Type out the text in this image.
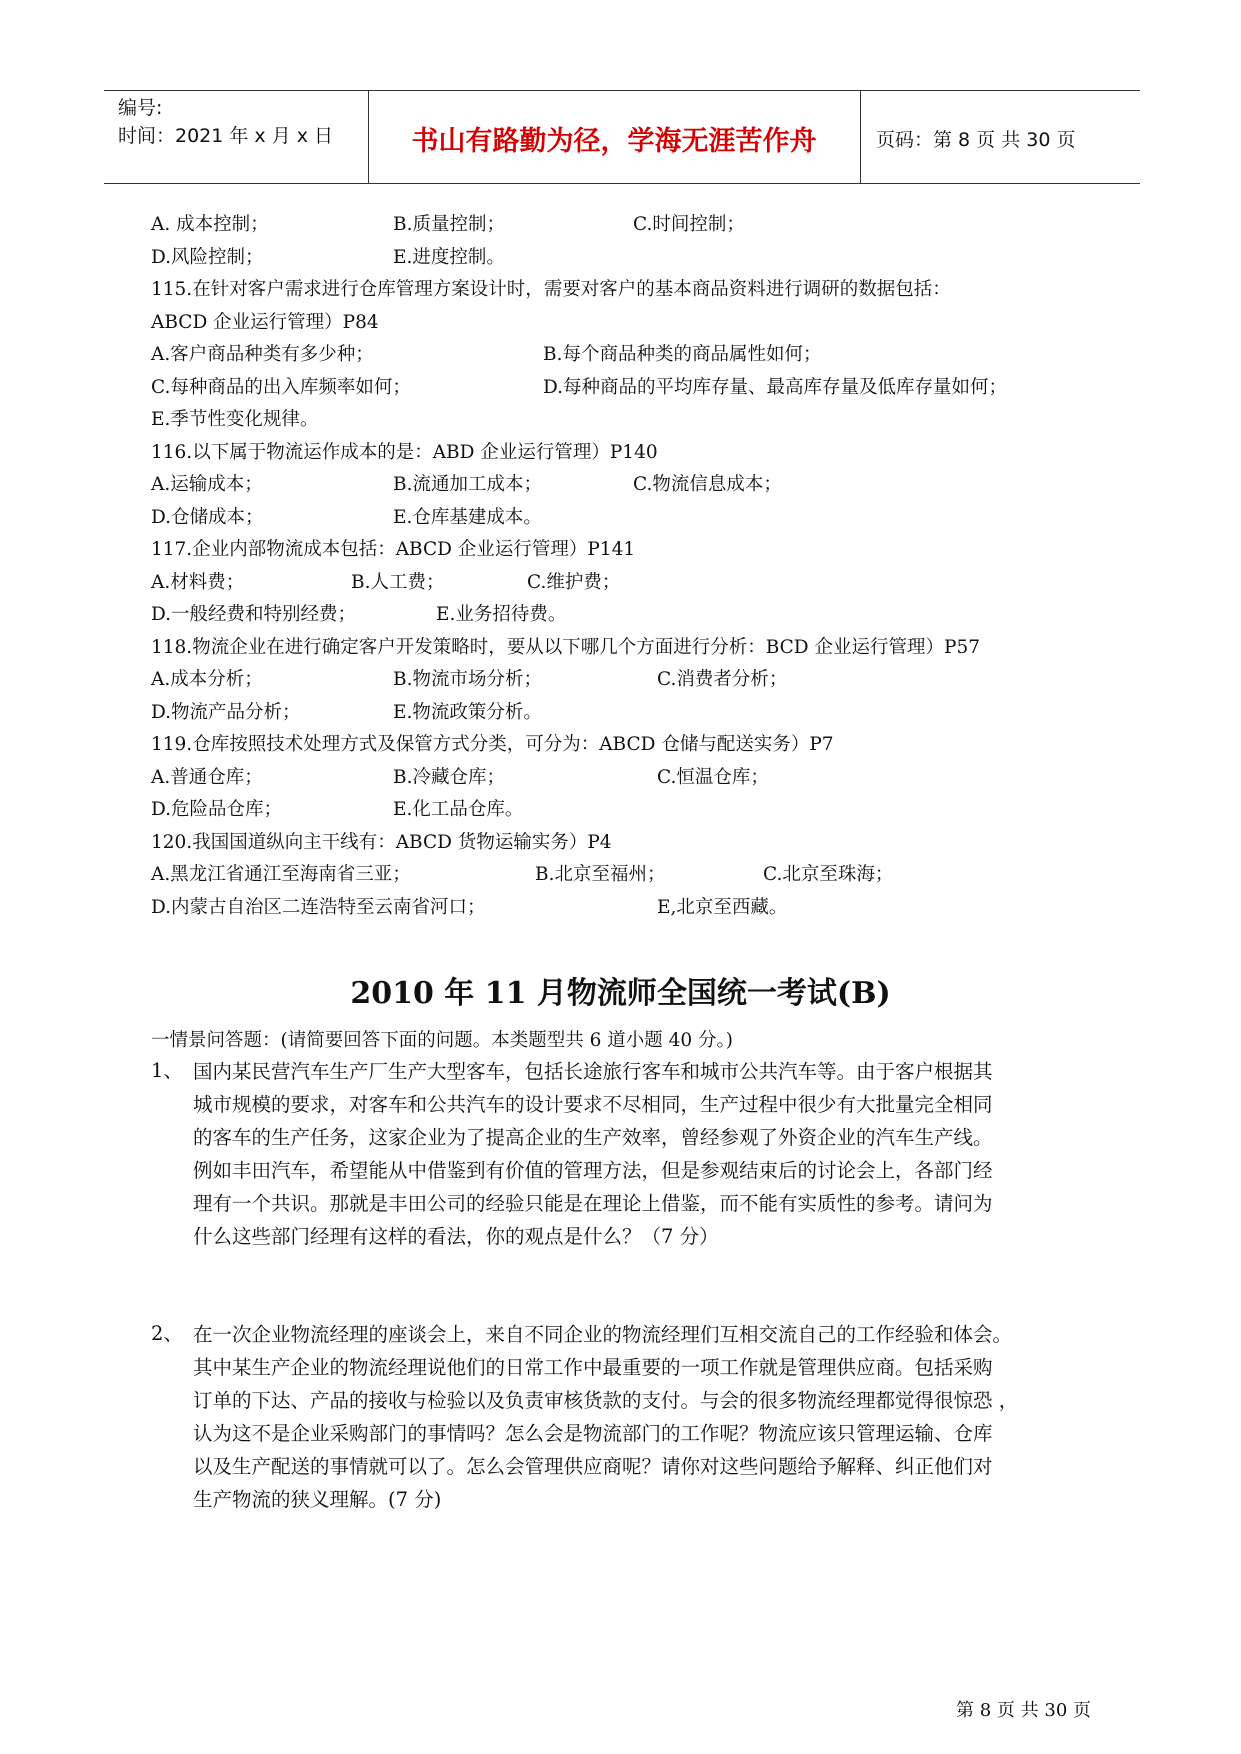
编号:
时间：2021 年 x 月 x 日	书山有路勤为径，学海无涯苦作舟	页码：第 8 页 共 30 页
A. 成本控制；	B.质量控制；	C.时间控制；
D.风险控制；	E.进度控制。
115.在针对客户需求进行仓库管理方案设计时，需要对客户的基本商品资料进行调研的数据包括：
ABCD 企业运行管理）P84
A.客户商品种类有多少种；	B.每个商品种类的商品属性如何；
C.每种商品的出入库频率如何；	D.每种商品的平均库存量、最高库存量及低库存量如何；
E.季节性变化规律。
116.以下属于物流运作成本的是：ABD 企业运行管理）P140
A.运输成本；	B.流通加工成本；	C.物流信息成本；
D.仓储成本；	E.仓库基建成本。
117.企业内部物流成本包括：ABCD 企业运行管理）P141
A.材料费；	B.人工费；	C.维护费；
D.一般经费和特别经费；	E.业务招待费。
118.物流企业在进行确定客户开发策略时，要从以下哪几个方面进行分析：BCD 企业运行管理）P57
A.成本分析；	B.物流市场分析；	C.消费者分析；
D.物流产品分析；	E.物流政策分析。
119.仓库按照技术处理方式及保管方式分类，可分为：ABCD 仓储与配送实务）P7
A.普通仓库；	B.冷藏仓库；	C.恒温仓库；
D.危险品仓库；	E.化工品仓库。
120.我国国道纵向主干线有：ABCD 货物运输实务）P4
A.黑龙江省通江至海南省三亚；	B.北京至福州；	C.北京至珠海；
D.内蒙古自治区二连浩特至云南省河口；	E,北京至西藏。
2010 年 11 月物流师全国统一考试(B)
一情景问答题：(请简要回答下面的问题。本类题型共 6 道小题 40 分。)
1、 国内某民营汽车生产厂生产大型客车，包括长途旅行客车和城市公共汽车等。由于客户根据其
城市规模的要求，对客车和公共汽车的设计要求不尽相同，生产过程中很少有大批量完全相同
的客车的生产任务，这家企业为了提高企业的生产效率，曾经参观了外资企业的汽车生产线。
例如丰田汽车，希望能从中借鉴到有价值的管理方法，但是参观结束后的讨论会上，各部门经
理有一个共识。那就是丰田公司的经验只能是在理论上借鉴，而不能有实质性的参考。请问为
什么这些部门经理有这样的看法，你的观点是什么？（7 分）
2、 在一次企业物流经理的座谈会上，来自不同企业的物流经理们互相交流自己的工作经验和体会。
其中某生产企业的物流经理说他们的日常工作中最重要的一项工作就是管理供应商。包括采购
订单的下达、产品的接收与检验以及负责审核货款的支付。与会的很多物流经理都觉得很惊恐 ，
认为这不是企业采购部门的事情吗？怎么会是物流部门的工作呢？物流应该只管理运输、仓库
以及生产配送的事情就可以了。怎么会管理供应商呢？请你对这些问题给予解释、纠正他们对
生产物流的狭义理解。(7 分)
第 8 页 共 30 页
